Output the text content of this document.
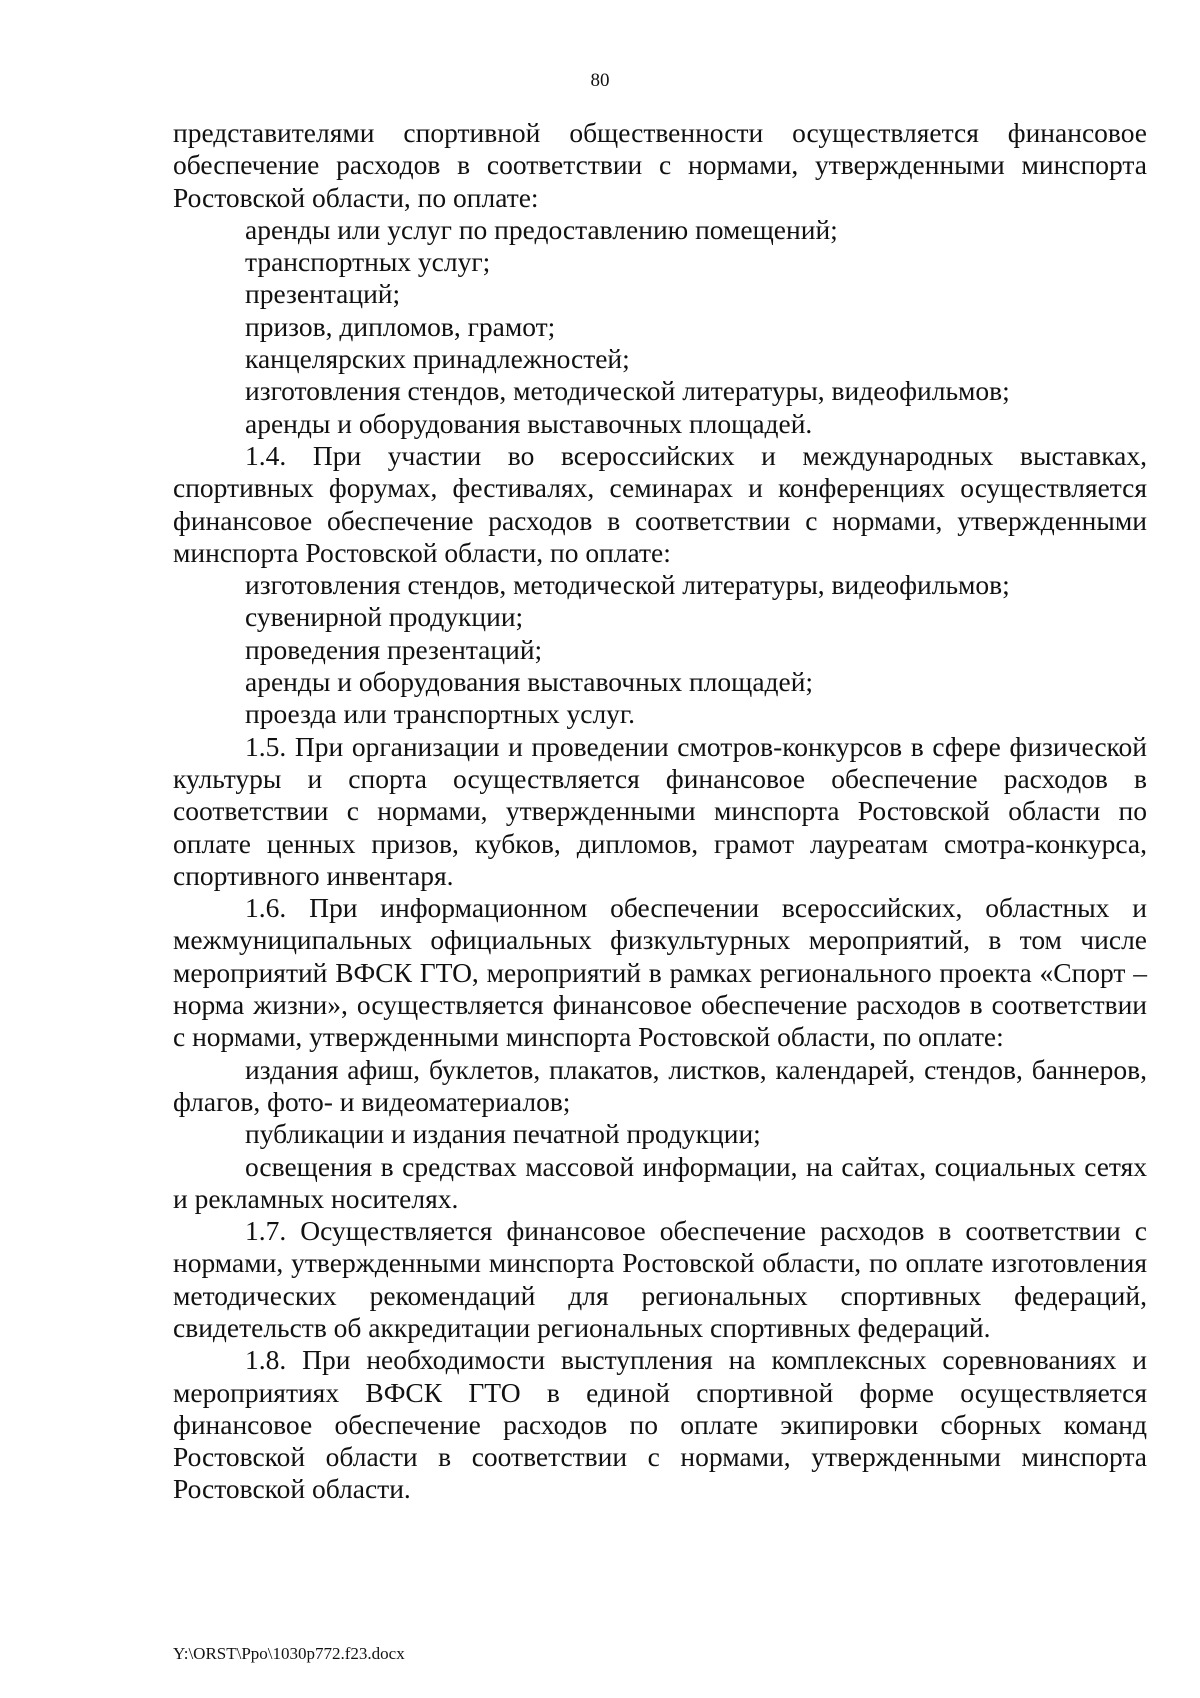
80

представителями спортивной общественности осуществляется финансовое обеспечение расходов в соответствии с нормами, утвержденными минспорта Ростовской области, по оплате:

аренды или услуг по предоставлению помещений;

транспортных услуг;

презентаций;

призов, дипломов, грамот;

канцелярских принадлежностей;

изготовления стендов, методической литературы, видеофильмов;

аренды и оборудования выставочных площадей.

1.4. При участии во всероссийских и международных выставках, спортивных форумах, фестивалях, семинарах и конференциях осуществляется финансовое обеспечение расходов в соответствии с нормами, утвержденными минспорта Ростовской области, по оплате:

изготовления стендов, методической литературы, видеофильмов;

сувенирной продукции;

проведения презентаций;

аренды и оборудования выставочных площадей;

проезда или транспортных услуг.

1.5. При организации и проведении смотров-конкурсов в сфере физической культуры и спорта осуществляется финансовое обеспечение расходов в соответствии с нормами, утвержденными минспорта Ростовской области по оплате ценных призов, кубков, дипломов, грамот лауреатам смотра-конкурса, спортивного инвентаря.

1.6. При информационном обеспечении всероссийских, областных и межмуниципальных официальных физкультурных мероприятий, в том числе мероприятий ВФСК ГТО, мероприятий в рамках регионального проекта «Спорт – норма жизни», осуществляется финансовое обеспечение расходов в соответствии с нормами, утвержденными минспорта Ростовской области, по оплате:

издания афиш, буклетов, плакатов, листков, календарей, стендов, баннеров, флагов, фото- и видеоматериалов;

публикации и издания печатной продукции;

освещения в средствах массовой информации, на сайтах, социальных сетях и рекламных носителях.

1.7. Осуществляется финансовое обеспечение расходов в соответствии с нормами, утвержденными минспорта Ростовской области, по оплате изготовления методических рекомендаций для региональных спортивных федераций, свидетельств об аккредитации региональных спортивных федераций.

1.8. При необходимости выступления на комплексных соревнованиях и мероприятиях ВФСК ГТО в единой спортивной форме осуществляется финансовое обеспечение расходов по оплате экипировки сборных команд Ростовской области в соответствии с нормами, утвержденными минспорта Ростовской области.

Y:\ORST\Ppo\1030p772.f23.docx
